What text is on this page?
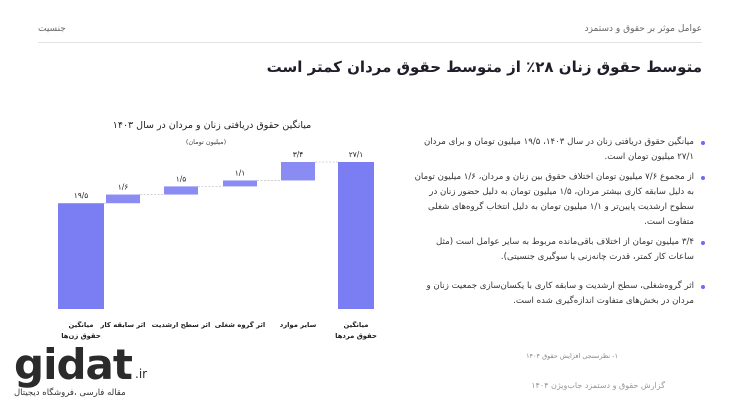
عوامل موثر بر حقوق و دستمزد
جنسیت
متوسط حقوق زنان ۲۸٪ از متوسط حقوق مردان کمتر است
میانگین حقوق دریافتی زنان و مردان در سال ۱۴۰۳
(میلیون تومان)
۱۹/۵
۱/۶
۱/۵
۱/۱
۳/۴	۲۷/۱
میانگین
حقوق زن‌ها
اثر سابقه کار اثر سطح ارشدیت اثر گروه شغلی سایر موارد	میانگین
حقوق مردها
میانگین حقوق دریافتی زنان در سال ۱۴۰۳، ۱۹/۵ میلیون تومان و برای مردان ۲۷/۱ میلیون تومان است.
از مجموع ۷/۶ میلیون تومان اختلاف حقوق بین زنان و مردان، ۱/۶ میلیون تومان به دلیل سابقه کاری بیشتر مردان، ۱/۵ میلیون تومان به دلیل حضور زنان در سطوح ارشدیت پایین‌تر و ۱/۱ میلیون تومان به دلیل انتخاب گروه‌های شغلی متفاوت است.
۳/۴ میلیون تومان از اختلاف باقی‌مانده مربوط به سایر عوامل است (مثل ساعات کار کمتر، قدرت چانه‌زنی یا سوگیری جنسیتی).
اثر گروه‌شغلی، سطح ارشدیت و سابقه کاری با یکسان‌سازی جمعیت زنان و مردان در بخش‌های متفاوت اندازه‌گیری شده است.
۱- نظرسنجی افزایش حقوق ۱۴۰۴
گزارش حقوق و دستمزد جاب‌ویژن ۱۴۰۴
gidat .ir
مقاله فارسی ،فروشگاه دیجیتال
